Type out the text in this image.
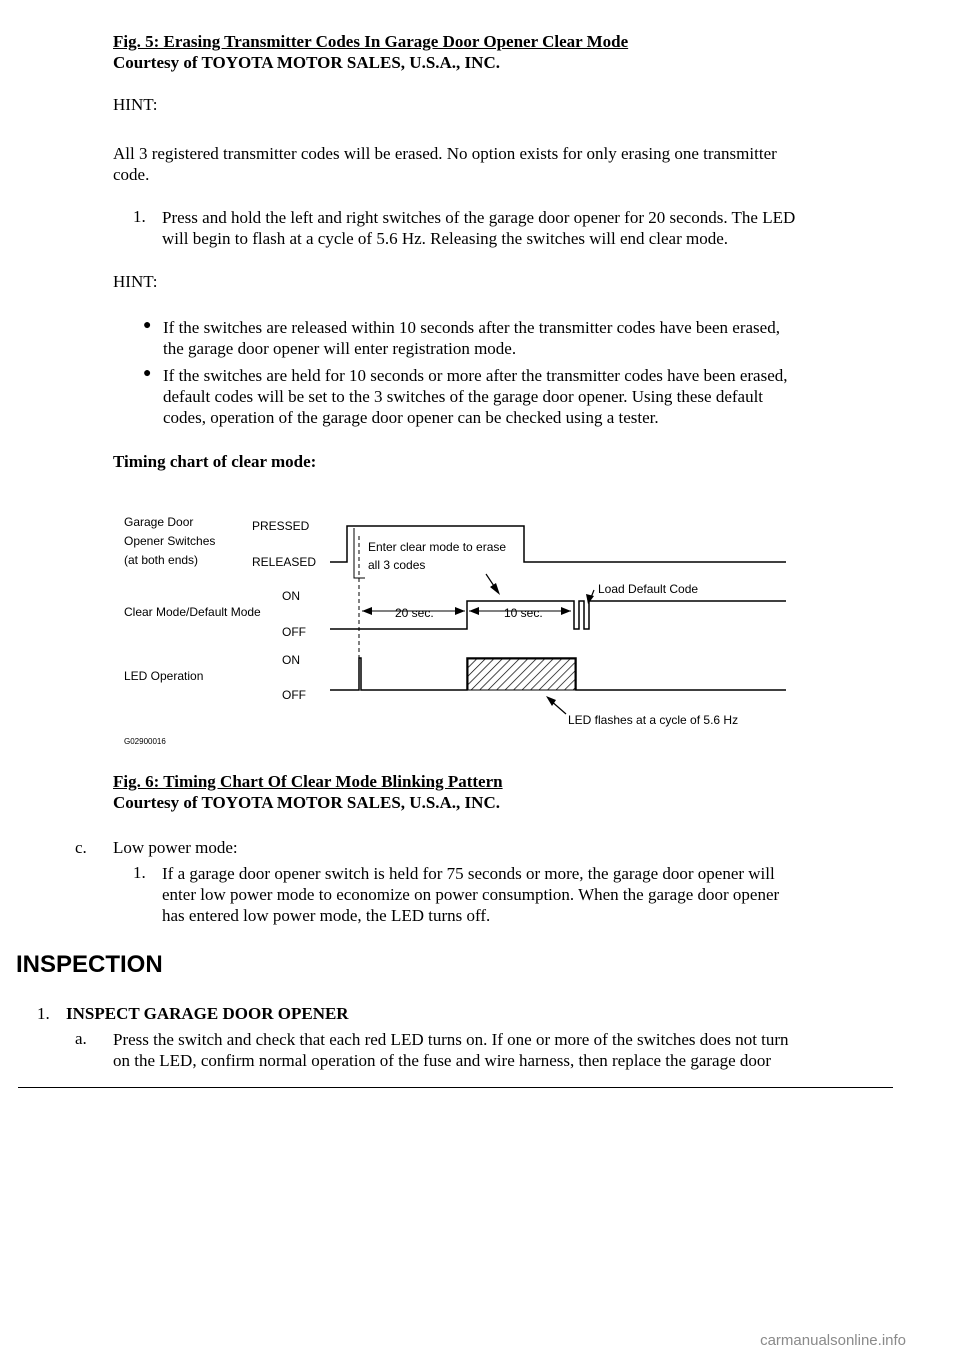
Fig. 5: Erasing Transmitter Codes In Garage Door Opener Clear Mode
Courtesy of TOYOTA MOTOR SALES, U.S.A., INC.
HINT:
All 3 registered transmitter codes will be erased. No option exists for only erasing one transmitter
code.
1. Press and hold the left and right switches of the garage door opener for 20 seconds. The LED
will begin to flash at a cycle of 5.6 Hz. Releasing the switches will end clear mode.
HINT:
● If the switches are released within 10 seconds after the transmitter codes have been erased,
the garage door opener will enter registration mode.
● If the switches are held for 10 seconds or more after the transmitter codes have been erased,
default codes will be set to the 3 switches of the garage door opener. Using these default
codes, operation of the garage door opener can be checked using a tester.
Timing chart of clear mode:
Garage Door
Opener Switches
(at both ends)
PRESSED
RELEASED
Enter clear mode to erase
all 3 codes
Load Default Code
ON
Clear Mode/Default Mode
OFF
20 sec.	10 sec.
ON
LED Operation
OFF
LED flashes at a cycle of 5.6 Hz
G02900016
Fig. 6: Timing Chart Of Clear Mode Blinking Pattern
Courtesy of TOYOTA MOTOR SALES, U.S.A., INC.
c. Low power mode:
1. If a garage door opener switch is held for 75 seconds or more, the garage door opener will
enter low power mode to economize on power consumption. When the garage door opener
has entered low power mode, the LED turns off.
INSPECTION
1. INSPECT GARAGE DOOR OPENER
a. Press the switch and check that each red LED turns on. If one or more of the switches does not turn
on the LED, confirm normal operation of the fuse and wire harness, then replace the garage door
carmanualsonline.info
